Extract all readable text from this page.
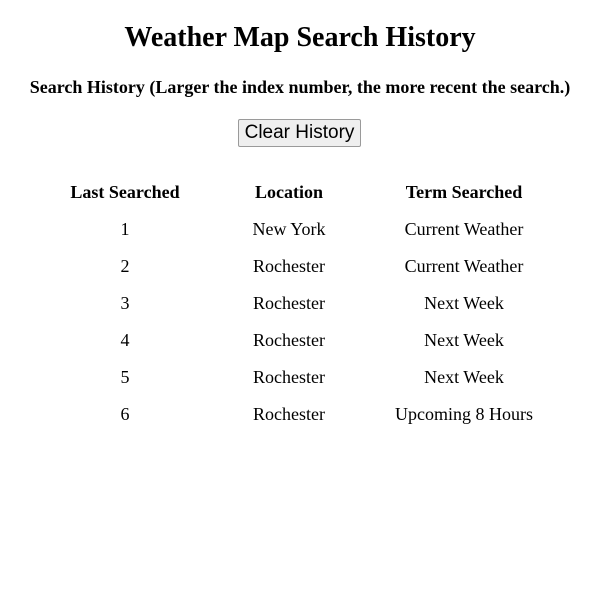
Weather Map Search History
Search History (Larger the index number, the more recent the search.)
Clear History
Last Searched	Location	Term Searched
1	New York	Current Weather
2	Rochester	Current Weather
3	Rochester	Next Week
4	Rochester	Next Week
5	Rochester	Next Week
6	Rochester	Upcoming 8 Hours
